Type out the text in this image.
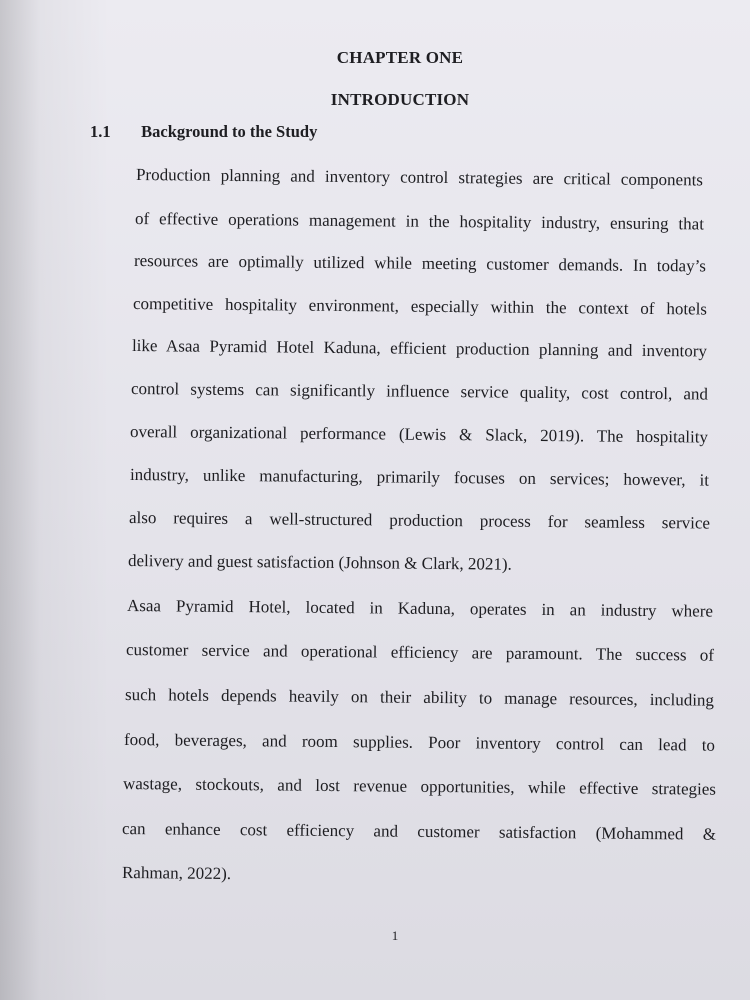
CHAPTER ONE
INTRODUCTION
1.1 Background to the Study
Production planning and inventory control strategies are critical components
of effective operations management in the hospitality industry, ensuring that
resources are optimally utilized while meeting customer demands. In today’s
competitive hospitality environment, especially within the context of hotels
like Asaa Pyramid Hotel Kaduna, efficient production planning and inventory
control systems can significantly influence service quality, cost control, and
overall organizational performance (Lewis & Slack, 2019). The hospitality
industry, unlike manufacturing, primarily focuses on services; however, it
also requires a well-structured production process for seamless service
delivery and guest satisfaction (Johnson & Clark, 2021).
Asaa Pyramid Hotel, located in Kaduna, operates in an industry where
customer service and operational efficiency are paramount. The success of
such hotels depends heavily on their ability to manage resources, including
food, beverages, and room supplies. Poor inventory control can lead to
wastage, stockouts, and lost revenue opportunities, while effective strategies
can enhance cost efficiency and customer satisfaction (Mohammed &
Rahman, 2022).
1
